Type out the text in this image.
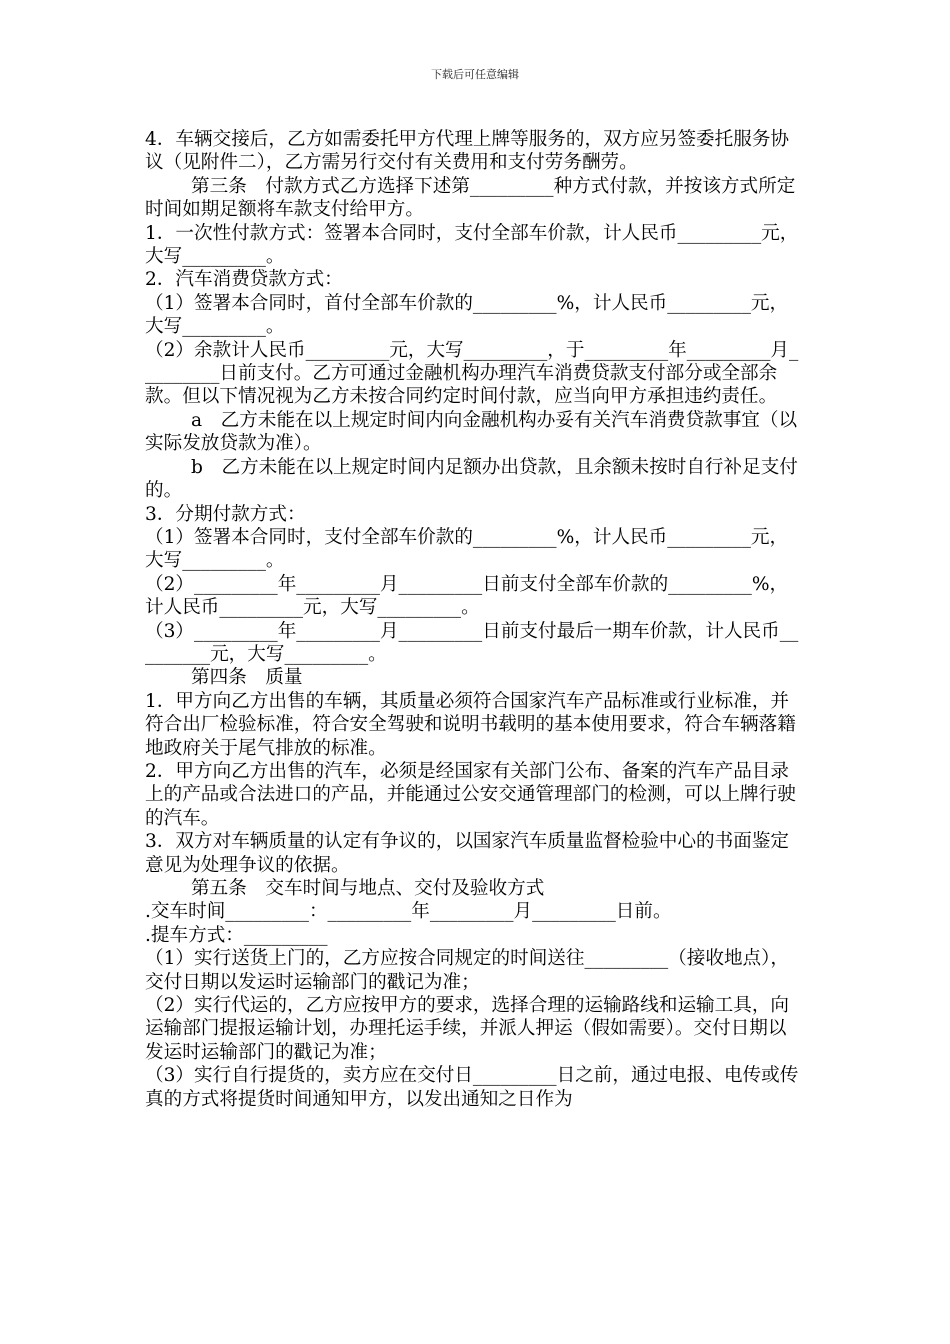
下载后可任意编辑

4．车辆交接后，乙方如需委托甲方代理上牌等服务的，双方应另签委托服务协议（见附件二），乙方需另行交付有关费用和支付劳务酬劳。

第三条　付款方式乙方选择下述第_________种方式付款，并按该方式所定时间如期足额将车款支付给甲方。

1．一次性付款方式：签署本合同时，支付全部车价款，计人民币_________元，大写_________。

2．汽车消费贷款方式：

（1）签署本合同时，首付全部车价款的_________%，计人民币_________元，大写_________。

（2）余款计人民币_________元，大写_________，于_________年_________月_________日前支付。乙方可通过金融机构办理汽车消费贷款支付部分或全部余款。但以下情况视为乙方未按合同约定时间付款，应当向甲方承担违约责任。

a　乙方未能在以上规定时间内向金融机构办妥有关汽车消费贷款事宜（以实际发放贷款为准）。

b　乙方未能在以上规定时间内足额办出贷款，且余额未按时自行补足支付的。

3．分期付款方式：

（1）签署本合同时，支付全部车价款的_________%，计人民币_________元，大写_________。

（2）_________年_________月_________日前支付全部车价款的_________%，计人民币_________元，大写_________。

（3）_________年_________月_________日前支付最后一期车价款，计人民币_________元，大写_________。

第四条　质量

1．甲方向乙方出售的车辆，其质量必须符合国家汽车产品标准或行业标准，并符合出厂检验标准，符合安全驾驶和说明书载明的基本使用要求，符合车辆落籍地政府关于尾气排放的标准。

2．甲方向乙方出售的汽车，必须是经国家有关部门公布、备案的汽车产品目录上的产品或合法进口的产品，并能通过公安交通管理部门的检测，可以上牌行驶的汽车。

3．双方对车辆质量的认定有争议的，以国家汽车质量监督检验中心的书面鉴定意见为处理争议的依据。

第五条　交车时间与地点、交付及验收方式

.交车时间_________：_________年_________月_________日前。

.提车方式：_________

（1）实行送货上门的，乙方应按合同规定的时间送往_________（接收地点），交付日期以发运时运输部门的戳记为准；

（2）实行代运的，乙方应按甲方的要求，选择合理的运输路线和运输工具，向运输部门提报运输计划，办理托运手续，并派人押运（假如需要）。交付日期以发运时运输部门的戳记为准；

（3）实行自行提货的，卖方应在交付日_________日之前，通过电报、电传或传真的方式将提货时间通知甲方，以发出通知之日作为
